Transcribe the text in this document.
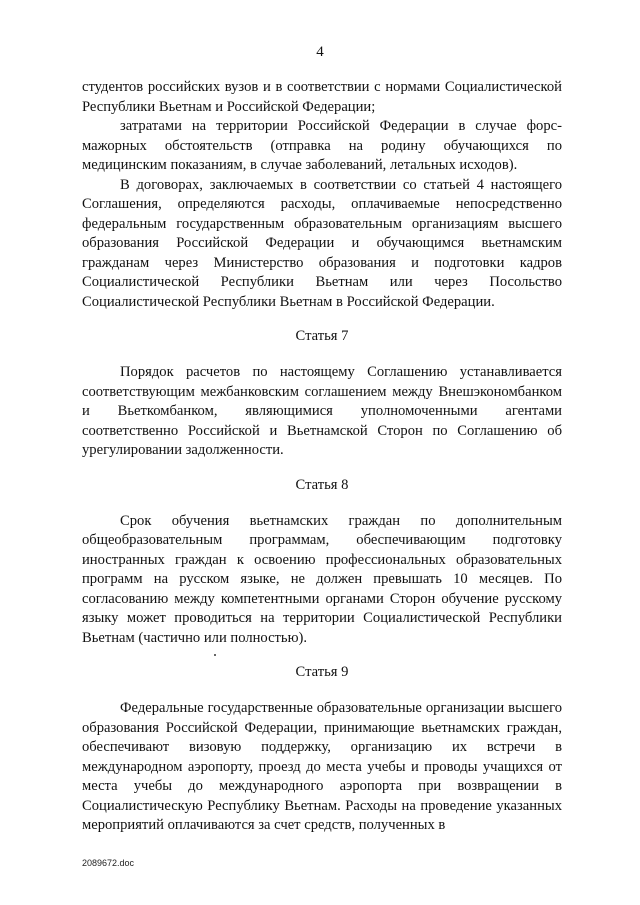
4

студентов российских вузов и в соответствии с нормами Социалистической Республики Вьетнам и Российской Федерации;

затратами на территории Российской Федерации в случае форс-мажорных обстоятельств (отправка на родину обучающихся по медицинским показаниям, в случае заболеваний, летальных исходов).

В договорах, заключаемых в соответствии со статьей 4 настоящего Соглашения, определяются расходы, оплачиваемые непосредственно федеральным государственным образовательным организациям высшего образования Российской Федерации и обучающимся вьетнамским гражданам через Министерство образования и подготовки кадров Социалистической Республики Вьетнам или через Посольство Социалистической Республики Вьетнам в Российской Федерации.

Статья 7

Порядок расчетов по настоящему Соглашению устанавливается соответствующим межбанковским соглашением между Внешэкономбанком и Вьеткомбанком, являющимися уполномоченными агентами соответственно Российской и Вьетнамской Сторон по Соглашению об урегулировании задолженности.

Статья 8

Срок обучения вьетнамских граждан по дополнительным общеобразовательным программам, обеспечивающим подготовку иностранных граждан к освоению профессиональных образовательных программ на русском языке, не должен превышать 10 месяцев. По согласованию между компетентными органами Сторон обучение русскому языку может проводиться на территории Социалистической Республики Вьетнам (частично или полностью).

Статья 9

Федеральные государственные образовательные организации высшего образования Российской Федерации, принимающие вьетнамских граждан, обеспечивают визовую поддержку, организацию их встречи в международном аэропорту, проезд до места учебы и проводы учащихся от места учебы до международного аэропорта при возвращении в Социалистическую Республику Вьетнам. Расходы на проведение указанных мероприятий оплачиваются за счет средств, полученных в

2089672.doc
